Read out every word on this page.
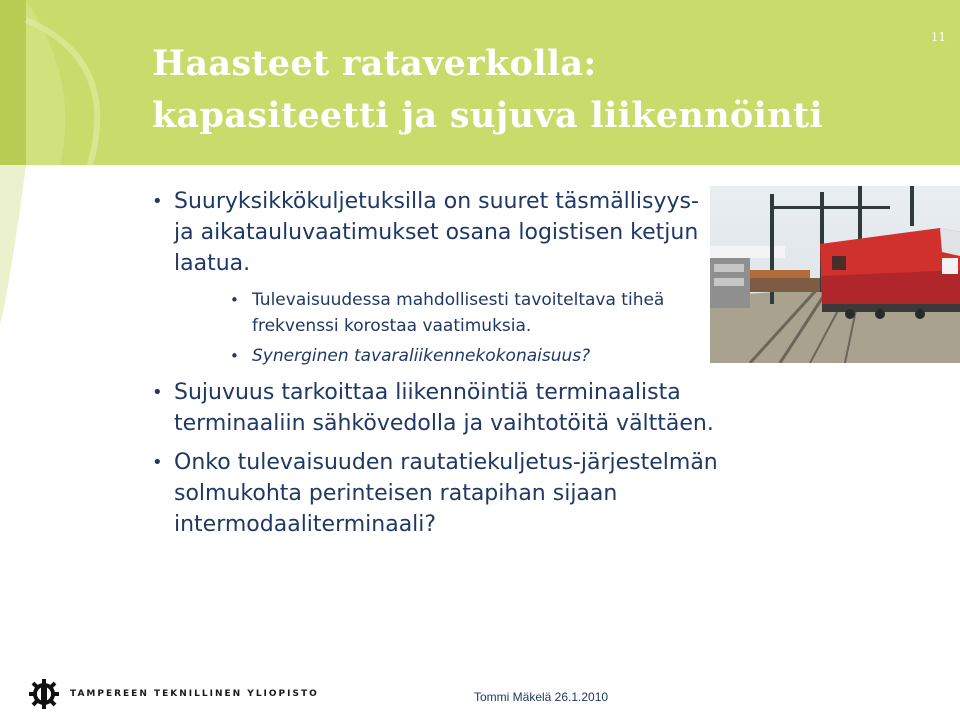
Haasteet rataverkolla:
kapasiteetti ja sujuva liikennöinti
11
• Suuryksikkökuljetuksilla on suuret täsmällisyys- ja aikatauluvaatimukset osana logistisen ketjun laatua.
• Tulevaisuudessa mahdollisesti tavoiteltava tiheä frekvenssi korostaa vaatimuksia.
• Synerginen tavaraliikennekokonaisuus?
• Sujuvuus tarkoittaa liikennöintiä terminaalista terminaaliin sähkövedolla ja vaihtotöitä välttäen.
• Onko tulevaisuuden rautatiekuljetus-järjestelmän solmukohta perinteisen ratapihan sijaan intermodaaliterminaali?
TAMPEREEN TEKNILLINEN YLIOPISTO	Tommi Mäkelä 26.1.2010
